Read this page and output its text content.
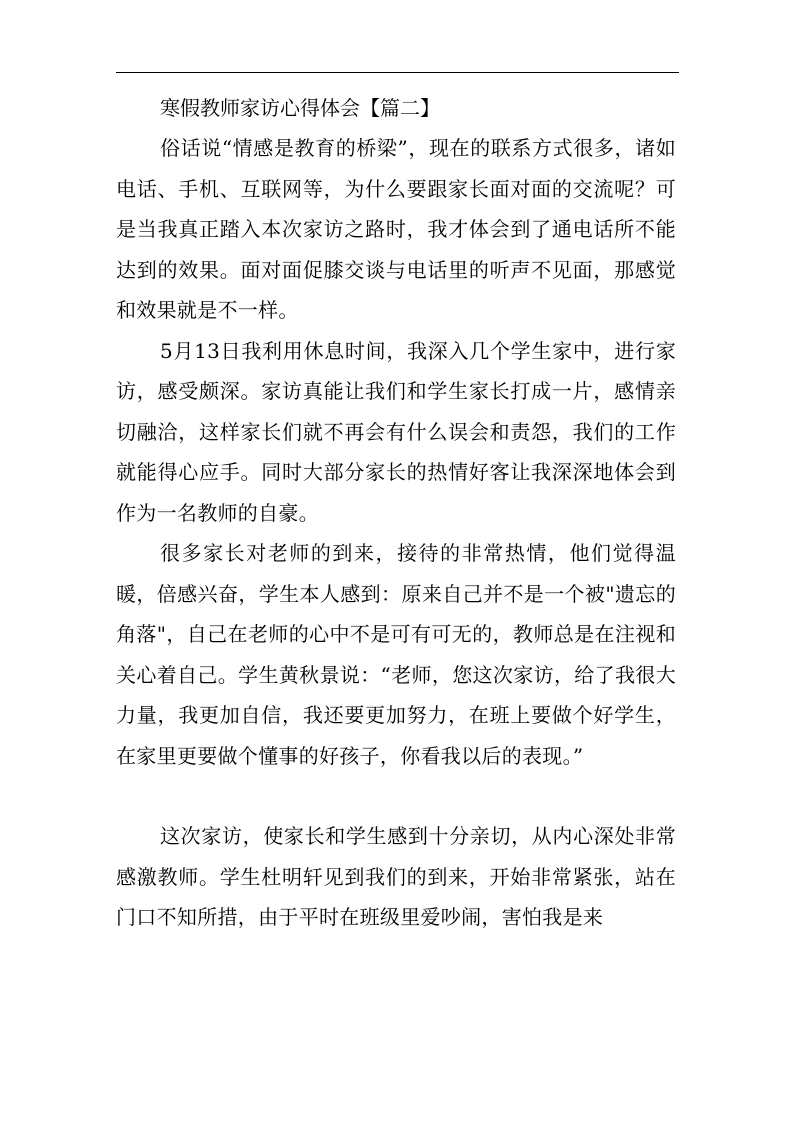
寒假教师家访心得体会【篇二】

俗话说“情感是教育的桥梁”，现在的联系方式很多，诸如电话、手机、互联网等，为什么要跟家长面对面的交流呢？可是当我真正踏入本次家访之路时，我才体会到了通电话所不能达到的效果。面对面促膝交谈与电话里的听声不见面，那感觉和效果就是不一样。

5月13日我利用休息时间，我深入几个学生家中，进行家访，感受颇深。家访真能让我们和学生家长打成一片，感情亲切融洽，这样家长们就不再会有什么误会和责怨，我们的工作就能得心应手。同时大部分家长的热情好客让我深深地体会到作为一名教师的自豪。

很多家长对老师的到来，接待的非常热情，他们觉得温暖，倍感兴奋，学生本人感到：原来自己并不是一个被"遗忘的角落"，自己在老师的心中不是可有可无的，教师总是在注视和关心着自己。学生黄秋景说：“老师，您这次家访，给了我很大力量，我更加自信，我还要更加努力，在班上要做个好学生，在家里更要做个懂事的好孩子，你看我以后的表现。”

这次家访，使家长和学生感到十分亲切，从内心深处非常感激教师。学生杜明轩见到我们的到来，开始非常紧张，站在门口不知所措，由于平时在班级里爱吵闹，害怕我是来
